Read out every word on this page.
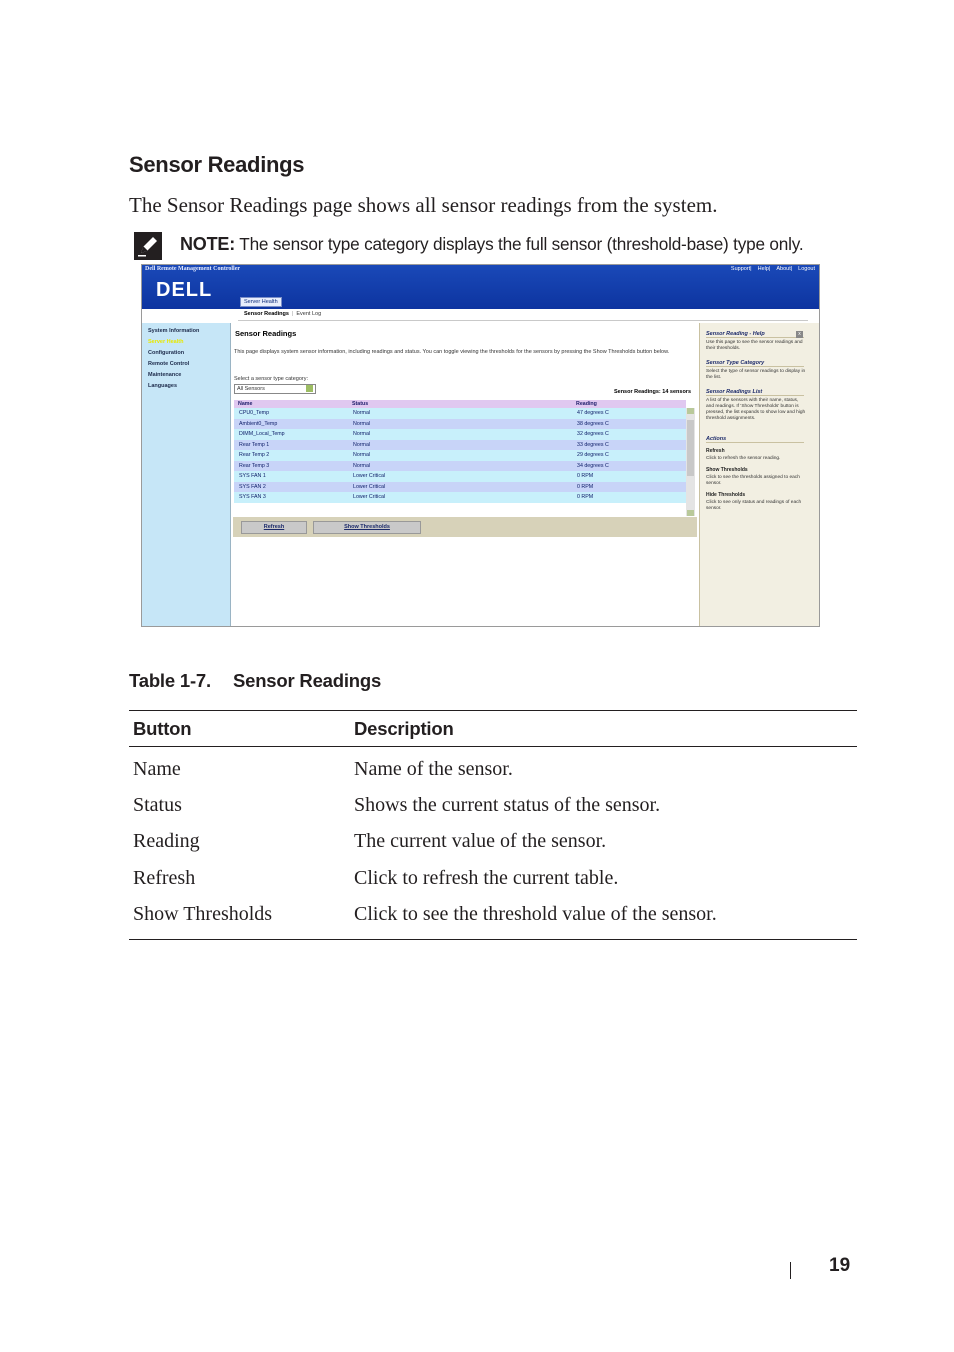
Sensor Readings

The Sensor Readings page shows all sensor readings from the system.

NOTE: The sensor type category displays the full sensor (threshold-base) type only.

Dell Remote Management Controller	Support| Help| About| Logout
DELL
Server Health
Sensor Readings | Event Log
System Information
Server Health
Configuration
Remote Control
Maintenance
Languages
Sensor Readings
This page displays system sensor information, including readings and status. You can toggle viewing the thresholds for the sensors by pressing the Show Thresholds button below.
Select a sensor type category:
All Sensors	Sensor Readings: 14 sensors
Name	Status	Reading
CPU0_Temp	Normal	47 degrees C
Ambient0_Temp	Normal	38 degrees C
DIMM_Local_Temp	Normal	32 degrees C
Rear Temp 1	Normal	33 degrees C
Rear Temp 2	Normal	29 degrees C
Rear Temp 3	Normal	34 degrees C
SYS FAN 1	Lower Critical	0 RPM
SYS FAN 2	Lower Critical	0 RPM
SYS FAN 3	Lower Critical	0 RPM
Refresh	Show Thresholds
Sensor Reading - Help	x
Use this page to see the sensor readings and their thresholds.
Sensor Type Category
Select the type of sensor readings to display in the list.
Sensor Readings List
A list of the sensors with their name, status, and readings. If 'Show Thresholds' button is pressed, the list expands to show low and high threshold assignments.
Actions
Refresh
Click to refresh the sensor reading.
Show Thresholds
Click to see the thresholds assigned to each sensor.
Hide Thresholds
Click to see only status and readings of each sensor.

Table 1-7. Sensor Readings

Button	Description
Name	Name of the sensor.
Status	Shows the current status of the sensor.
Reading	The current value of the sensor.
Refresh	Click to refresh the current table.
Show Thresholds	Click to see the threshold value of the sensor.
19
